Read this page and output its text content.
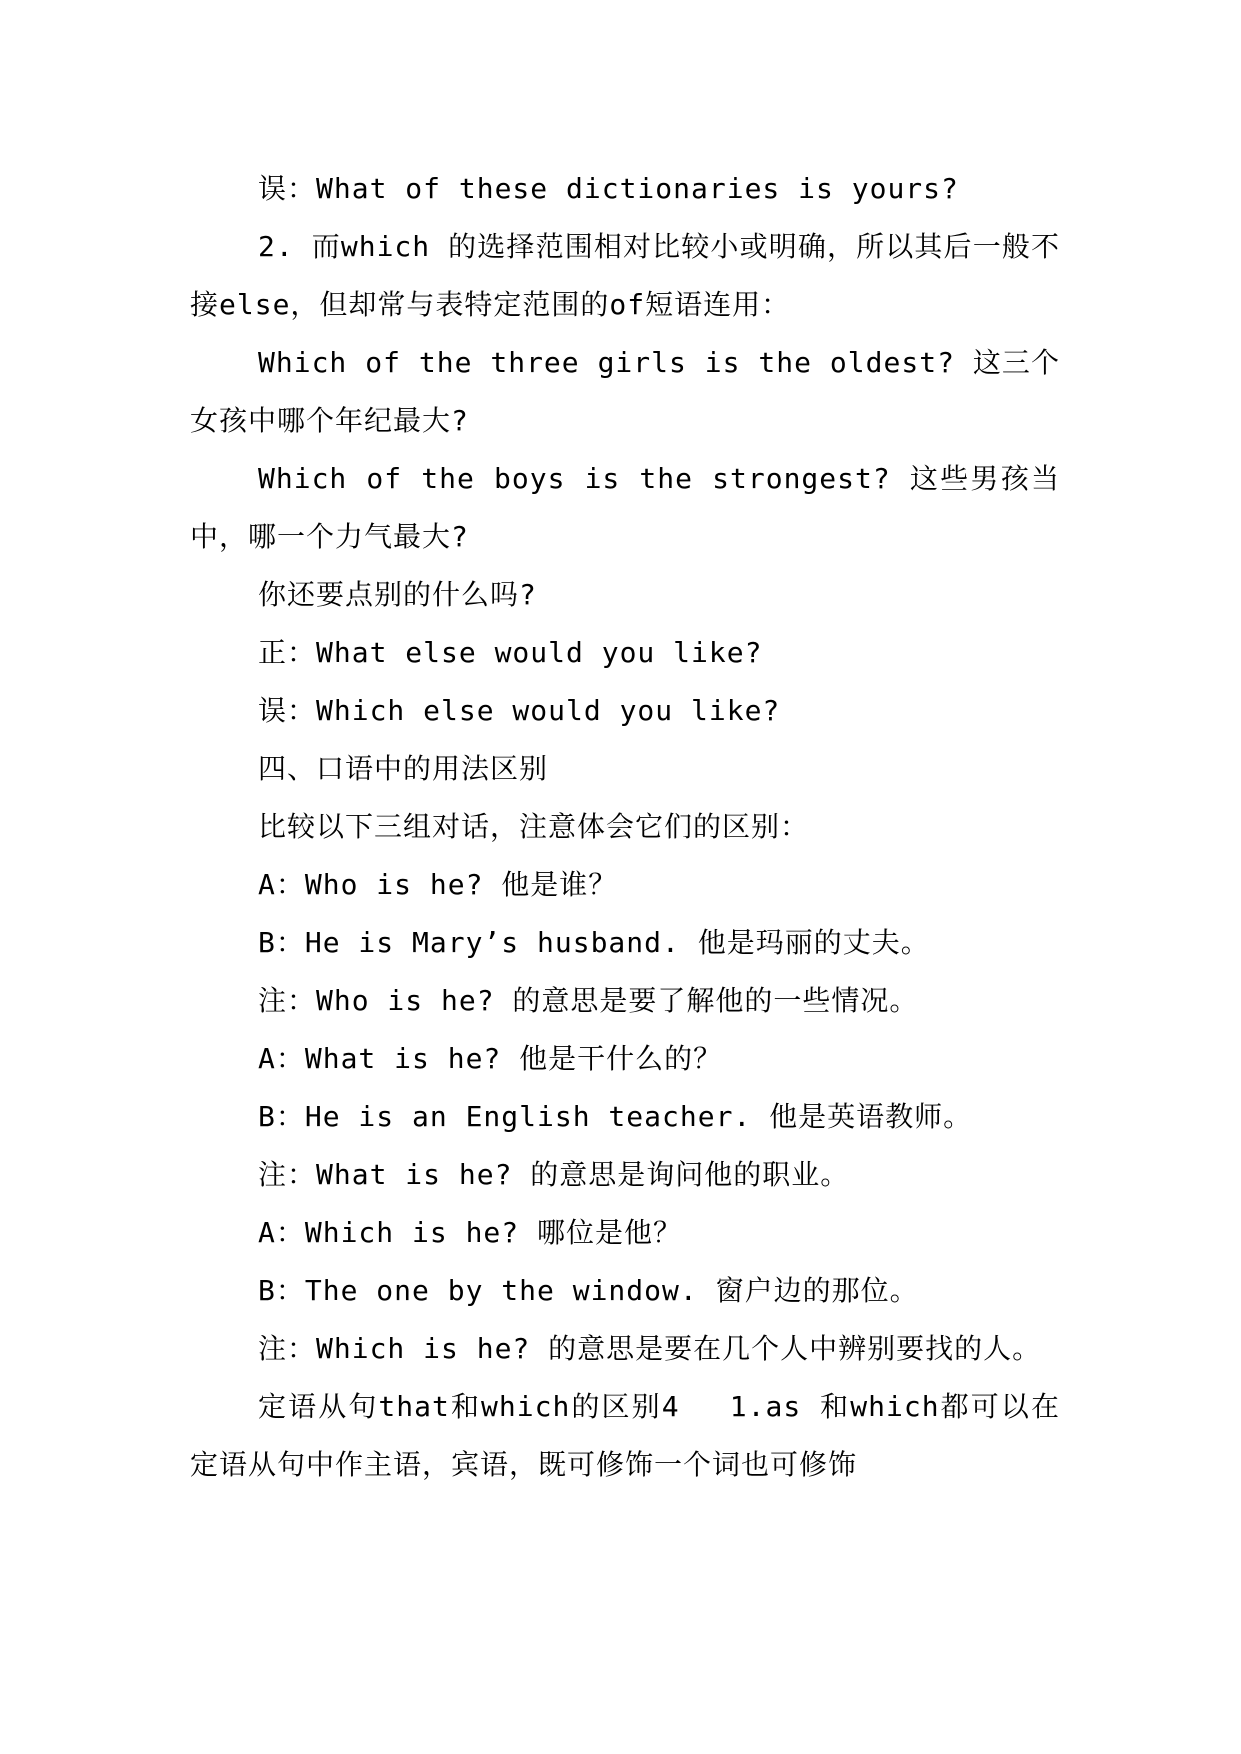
误：What of these dictionaries is yours?

2. 而which 的选择范围相对比较小或明确，所以其后一般不接else，但却常与表特定范围的of短语连用：

Which of the three girls is the oldest? 这三个女孩中哪个年纪最大?

Which of the boys is the strongest? 这些男孩当中，哪一个力气最大?

你还要点别的什么吗?

正：What else would you like?

误：Which else would you like?

四、口语中的用法区别

比较以下三组对话，注意体会它们的区别：

A：Who is he? 他是谁？

B：He is Mary’s husband. 他是玛丽的丈夫。

注：Who is he? 的意思是要了解他的一些情况。

A：What is he? 他是干什么的？

B：He is an English teacher. 他是英语教师。

注：What is he? 的意思是询问他的职业。

A：Which is he? 哪位是他？

B：The one by the window. 窗户边的那位。

注：Which is he? 的意思是要在几个人中辨别要找的人。

定语从句that和which的区别4　 1.as 和which都可以在定语从句中作主语，宾语，既可修饰一个词也可修饰
